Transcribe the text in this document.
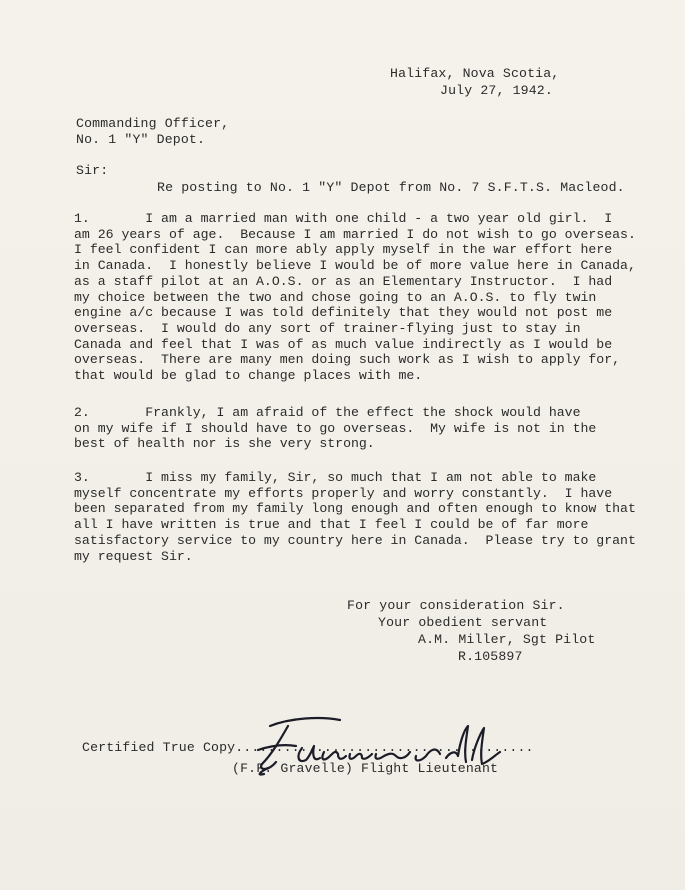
Halifax, Nova Scotia,
July 27, 1942.
Commanding Officer,
No. 1 "Y" Depot.
Sir:
Re posting to No. 1 "Y" Depot from No. 7 S.F.T.S. Macleod.
1.       I am a married man with one child - a two year old girl.  I
am 26 years of age.  Because I am married I do not wish to go overseas.
I feel confident I can more ably apply myself in the war effort here
in Canada.  I honestly believe I would be of more value here in Canada,
as a staff pilot at an A.O.S. or as an Elementary Instructor.  I had
my choice between the two and chose going to an A.O.S. to fly twin
engine a/c because I was told definitely that they would not post me
overseas.  I would do any sort of trainer-flying just to stay in
Canada and feel that I was of as much value indirectly as I would be
overseas.  There are many men doing such work as I wish to apply for,
that would be glad to change places with me.
2.       Frankly, I am afraid of the effect the shock would have
on my wife if I should have to go overseas.  My wife is not in the
best of health nor is she very strong.
3.       I miss my family, Sir, so much that I am not able to make
myself concentrate my efforts properly and worry constantly.  I have
been separated from my family long enough and often enough to know that
all I have written is true and that I feel I could be of far more
satisfactory service to my country here in Canada.  Please try to grant
my request Sir.
For your consideration Sir.
Your obedient servant
A.M. Miller, Sgt Pilot
R.105897
Certified True Copy.....................................
(F.F. Gravelle) Flight Lieutenant
